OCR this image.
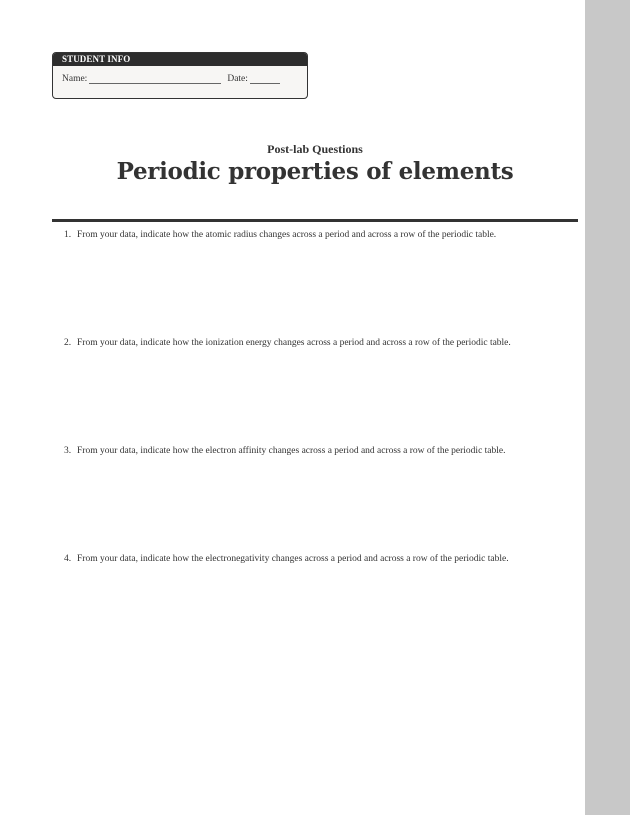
STUDENT INFO
Name:	Date:
Post-lab Questions
Periodic properties of elements
1. From your data, indicate how the atomic radius changes across a period and across a row of the periodic table.
2. From your data, indicate how the ionization energy changes across a period and across a row of the periodic table.
3. From your data, indicate how the electron affinity changes across a period and across a row of the periodic table.
4. From your data, indicate how the electronegativity changes across a period and across a row of the periodic table.
